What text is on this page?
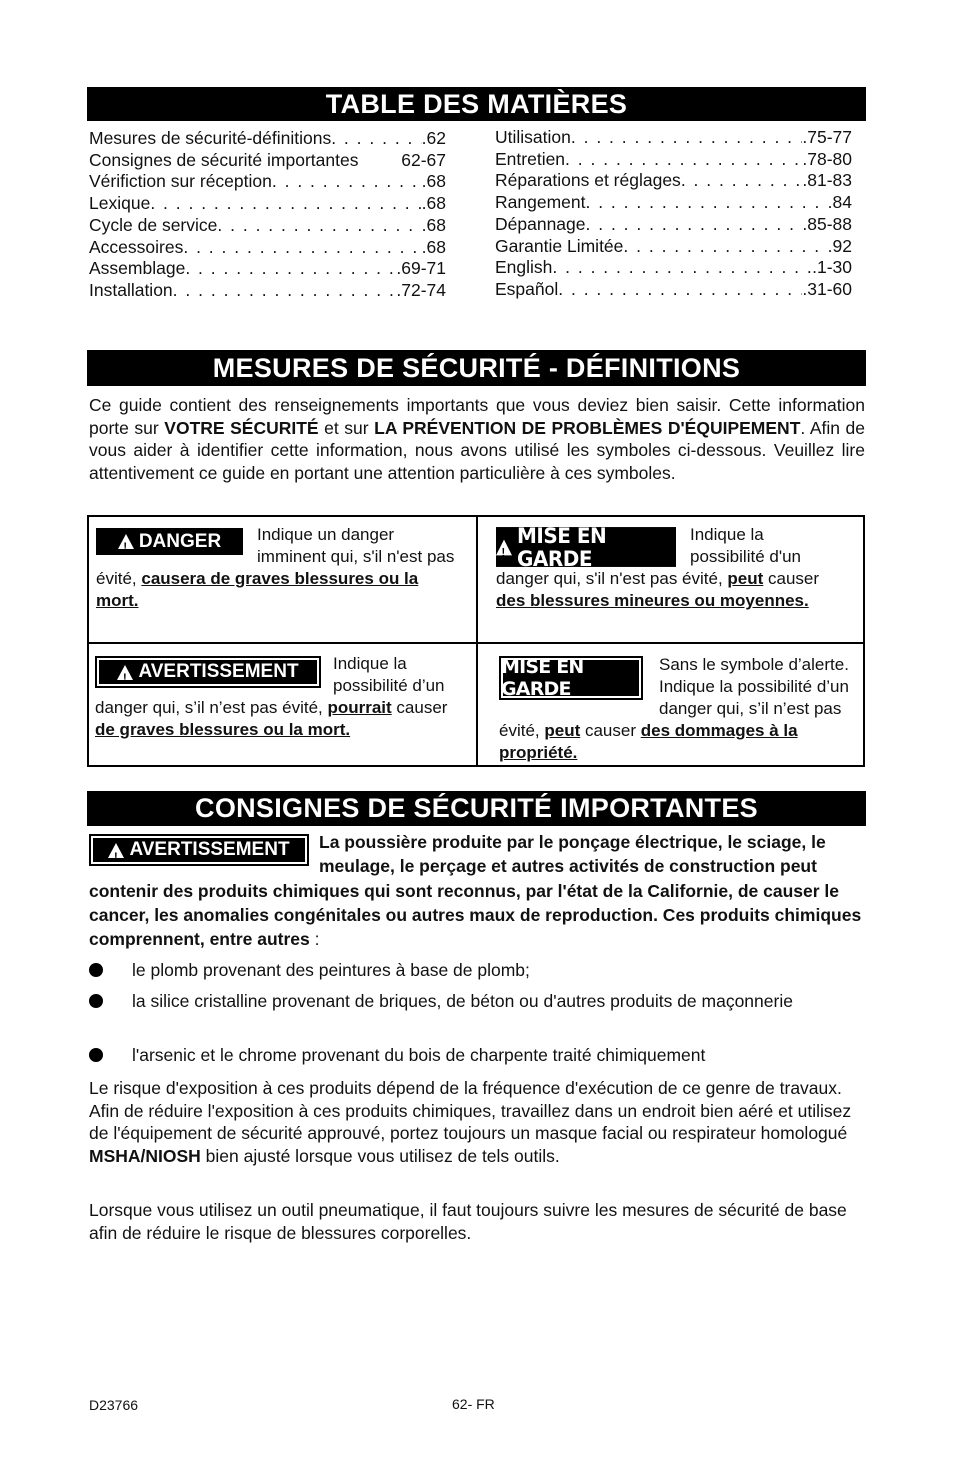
TABLE DES MATIÈRES
Mesures de sécurité-définitions . . .	.62
Consignes de sécurité importantes 62-67
Vérifiction sur réception . . .	.68
Lexique . . .	.68
Cycle de service . . .	.68
Accessoires . . .	.68
Assemblage . . .	.69-71
Installation . . .	.72-74
Utilisation . . .	.75-77
Entretien . . .	.78-80
Réparations et réglages . . .	.81-83
Rangement . . .	.84
Dépannage . . .	.85-88
Garantie Limitée . . .	.92
English . . .	.1-30
Español . . .	.31-60
MESURES DE SÉCURITÉ - DÉFINITIONS
Ce guide contient des renseignements importants que vous deviez bien saisir. Cette information porte sur VOTRE SÉCURITÉ et sur LA PRÉVENTION DE PROBLÈMES D'ÉQUIPEMENT. Afin de vous aider à identifier cette information, nous avons utilisé les symboles ci-dessous. Veuillez lire attentivement ce guide en portant une attention particulière à ces symboles.
!
DANGER Indique un danger imminent qui, s'il n'est pas évité, causera de graves blessures ou la mort.
!
MISE EN GARDE
Indique la possibilité d'un danger qui, s'il n'est pas évité, peut causer des blessures mineures ou moyennes.
!
AVERTISSEMENT Indique la possibilité d’un danger qui, s’il n’est pas évité, pourrait causer de graves blessures ou la mort.
MISE EN GARDE
Sans le symbole d’alerte. Indique la possibilité d’un danger qui, s’il n’est pas évité, peut causer des dommages à la propriété.
CONSIGNES DE SÉCURITÉ IMPORTANTES
!
AVERTISSEMENT La poussière produite par le ponçage électrique, le sciage, le meulage, le perçage et autres activités de construction peut contenir des produits chimiques qui sont reconnus, par l'état de la Californie, de causer le cancer, les anomalies congénitales ou autres maux de reproduction. Ces produits chimiques comprennent, entre autres :
le plomb provenant des peintures à base de plomb;
la silice cristalline provenant de briques, de béton ou d'autres produits de maçonnerie
l'arsenic et le chrome provenant du bois de charpente traité chimiquement
Le risque d'exposition à ces produits dépend de la fréquence d'exécution de ce genre de travaux. Afin de réduire l'exposition à ces produits chimiques, travaillez dans un endroit bien aéré et utilisez de l'équipement de sécurité approuvé, portez toujours un masque facial ou respirateur homologué MSHA/NIOSH bien ajusté lorsque vous utilisez de tels outils.
Lorsque vous utilisez un outil pneumatique, il faut toujours suivre les mesures de sécurité de base afin de réduire le risque de blessures corporelles.
D23766	62- FR
